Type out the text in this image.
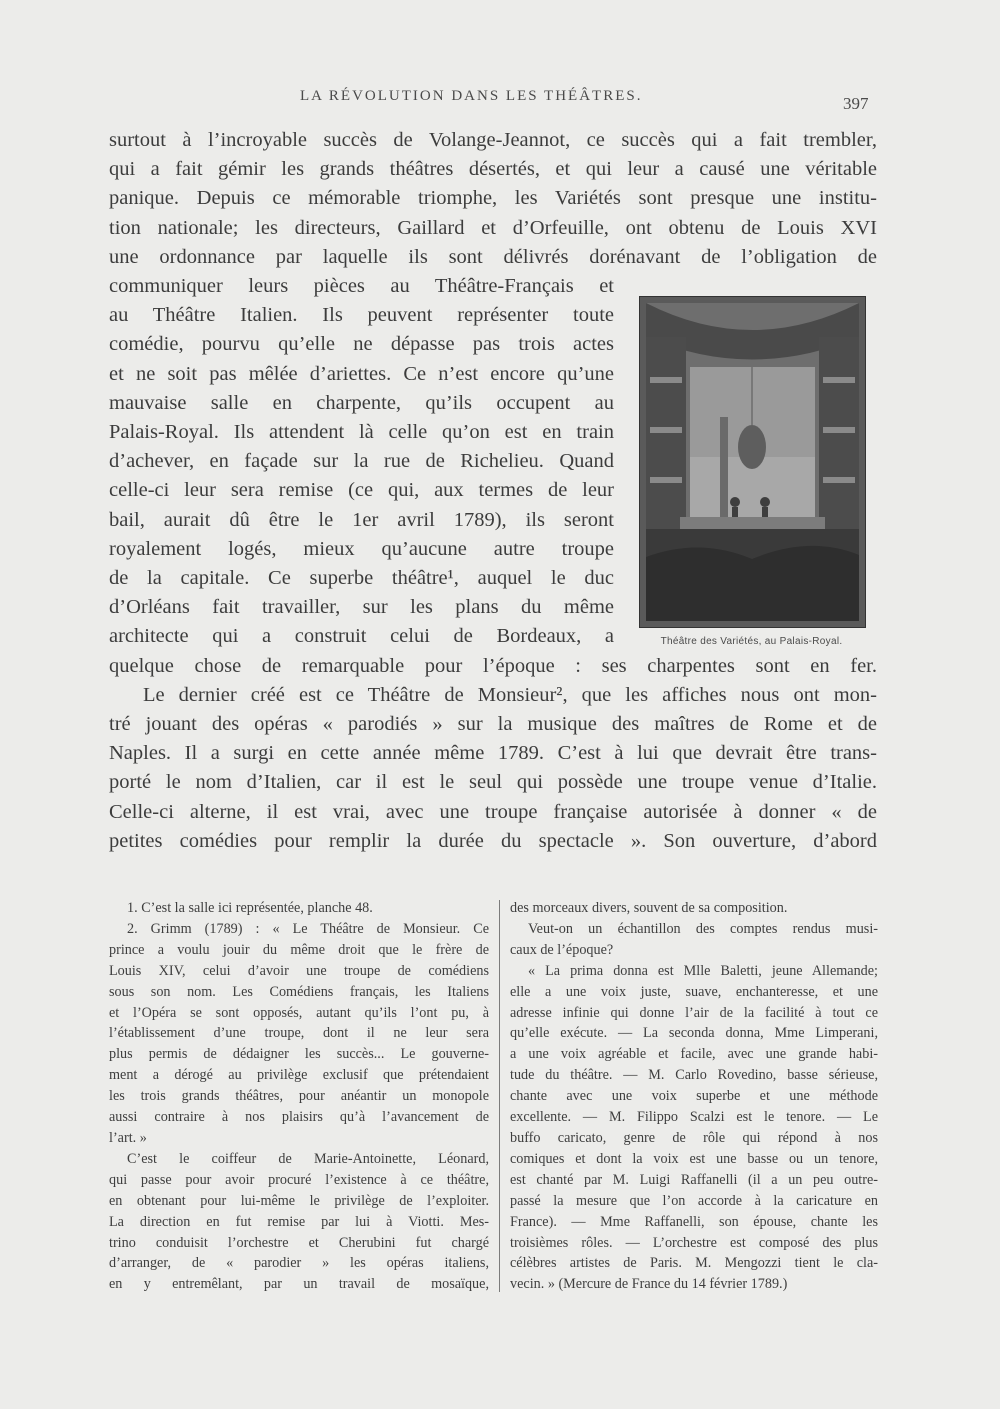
LA RÉVOLUTION DANS LES THÉÂTRES.	397
surtout à l’incroyable succès de Volange-Jeannot, ce succès qui a fait trembler,
qui a fait gémir les grands théâtres désertés, et qui leur a causé une véritable
panique. Depuis ce mémorable triomphe, les Variétés sont presque une institu-
tion nationale; les directeurs, Gaillard et d’Orfeuille, ont obtenu de Louis XVI
une ordonnance par laquelle ils sont délivrés dorénavant de l’obligation de
communiquer leurs pièces au Théâtre-Français et
au Théâtre Italien. Ils peuvent représenter toute
comédie, pourvu qu’elle ne dépasse pas trois actes
et ne soit pas mêlée d’ariettes. Ce n’est encore qu’une
mauvaise salle en charpente, qu’ils occupent au
Palais-Royal. Ils attendent là celle qu’on est en train
d’achever, en façade sur la rue de Richelieu. Quand
celle-ci leur sera remise (ce qui, aux termes de leur
bail, aurait dû être le 1er avril 1789), ils seront
royalement logés, mieux qu’aucune autre troupe
de la capitale. Ce superbe théâtre¹, auquel le duc
d’Orléans fait travailler, sur les plans du même
architecte qui a construit celui de Bordeaux, a
quelque chose de remarquable pour l’époque : ses charpentes sont en fer.
Le dernier créé est ce Théâtre de Monsieur², que les affiches nous ont mon-
tré jouant des opéras « parodiés » sur la musique des maîtres de Rome et de
Naples. Il a surgi en cette année même 1789. C’est à lui que devrait être trans-
porté le nom d’Italien, car il est le seul qui possède une troupe venue d’Italie.
Celle-ci alterne, il est vrai, avec une troupe française autorisée à donner « de
petites comédies pour remplir la durée du spectacle ». Son ouverture, d’abord
Théâtre des Variétés, au Palais-Royal.
1. C’est la salle ici représentée, planche 48.
2. Grimm (1789) : « Le Théâtre de Monsieur. Ce
prince a voulu jouir du même droit que le frère de
Louis XIV, celui d’avoir une troupe de comédiens
sous son nom. Les Comédiens français, les Italiens
et l’Opéra se sont opposés, autant qu’ils l’ont pu, à
l’établissement d’une troupe, dont il ne leur sera
plus permis de dédaigner les succès... Le gouverne-
ment a dérogé au privilège exclusif que prétendaient
les trois grands théâtres, pour anéantir un monopole
aussi contraire à nos plaisirs qu’à l’avancement de
l’art. »
C’est le coiffeur de Marie-Antoinette, Léonard,
qui passe pour avoir procuré l’existence à ce théâtre,
en obtenant pour lui-même le privilège de l’exploiter.
La direction en fut remise par lui à Viotti. Mes-
trino conduisit l’orchestre et Cherubini fut chargé
d’arranger, de « parodier » les opéras italiens,
en y entremêlant, par un travail de mosaïque,
des morceaux divers, souvent de sa composition.
Veut-on un échantillon des comptes rendus musi-
caux de l’époque?
« La prima donna est Mlle Baletti, jeune Allemande;
elle a une voix juste, suave, enchanteresse, et une
adresse infinie qui donne l’air de la facilité à tout ce
qu’elle exécute. — La seconda donna, Mme Limperani,
a une voix agréable et facile, avec une grande habi-
tude du théâtre. — M. Carlo Rovedino, basse sérieuse,
chante avec une voix superbe et une méthode
excellente. — M. Filippo Scalzi est le tenore. — Le
buffo caricato, genre de rôle qui répond à nos
comiques et dont la voix est une basse ou un tenore,
est chanté par M. Luigi Raffanelli (il a un peu outre-
passé la mesure que l’on accorde à la caricature en
France). — Mme Raffanelli, son épouse, chante les
troisièmes rôles. — L’orchestre est composé des plus
célèbres artistes de Paris. M. Mengozzi tient le cla-
vecin. » (Mercure de France du 14 février 1789.)
